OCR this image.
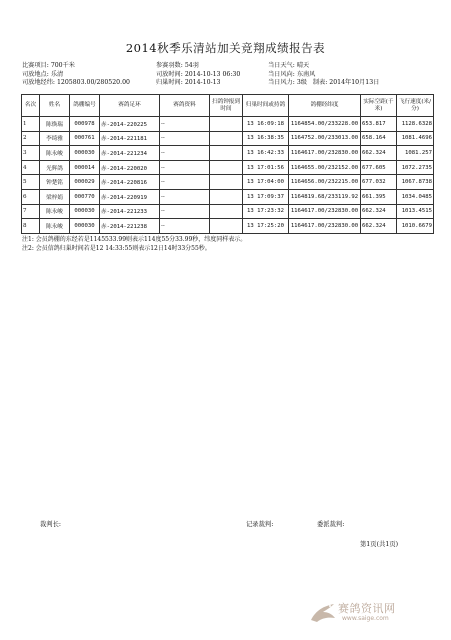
2014秋季乐清站加关竞翔成绩报告表
比赛项目: 700千米
司放地点: 乐清
司放地经纬: 1205803.00/280520.00
参赛羽数: 54羽
司放时间: 2014-10-13 06:30
归巢时间: 2014-10-13
当日天气: 晴天
当日风向: 东南风
当日风力: 3级 制表: 2014年10月13日
名次	姓名	鸽棚编号	赛鸽足环	赛鸽资料	扫鸽钟报到时间	归巢时间或持鸽	鸽棚经纬度	实际空距(千米)	飞行速度(米/分)
1	陈焕瑞	000978	赤-2014-220225	--		13 16:09:18	1164854.00/233228.00	653.817	1128.6328
2	李绮雅	000761	赤-2014-221181	--		13 16:38:35	1164752.00/233013.00	658.164	1081.4696
3	陈永峻	000030	赤-2014-221234	--		13 16:42:33	1164617.00/232830.00	662.324	1081.257
4	光辉鸽	000014	赤-2014-220020	--		13 17:01:56	1164655.00/232152.00	677.605	1072.2735
5	钟楚铭	000029	赤-2014-220816	--		13 17:04:00	1164656.00/232215.00	677.032	1067.8738
6	梁梓娟	000770	赤-2014-220919	--		13 17:09:37	1164819.68/233119.92	661.395	1034.0485
7	陈永峻	000030	赤-2014-221233	--		13 17:23:32	1164617.00/232830.00	662.324	1013.4515
8	陈永峻	000030	赤-2014-221238	--		13 17:25:20	1164617.00/232830.00	662.324	1010.6679
注1: 会员鸽棚的东经若是1145533.99则表示114度55分33.99秒，纬度同样表示。
注2: 会员信鸽归巢时间若是12 14:33:55则表示12日14时33分55秒。
裁判长:	记录裁判:	委派裁判:
第1页(共1页)
赛鸽资讯网
www.saige.com
